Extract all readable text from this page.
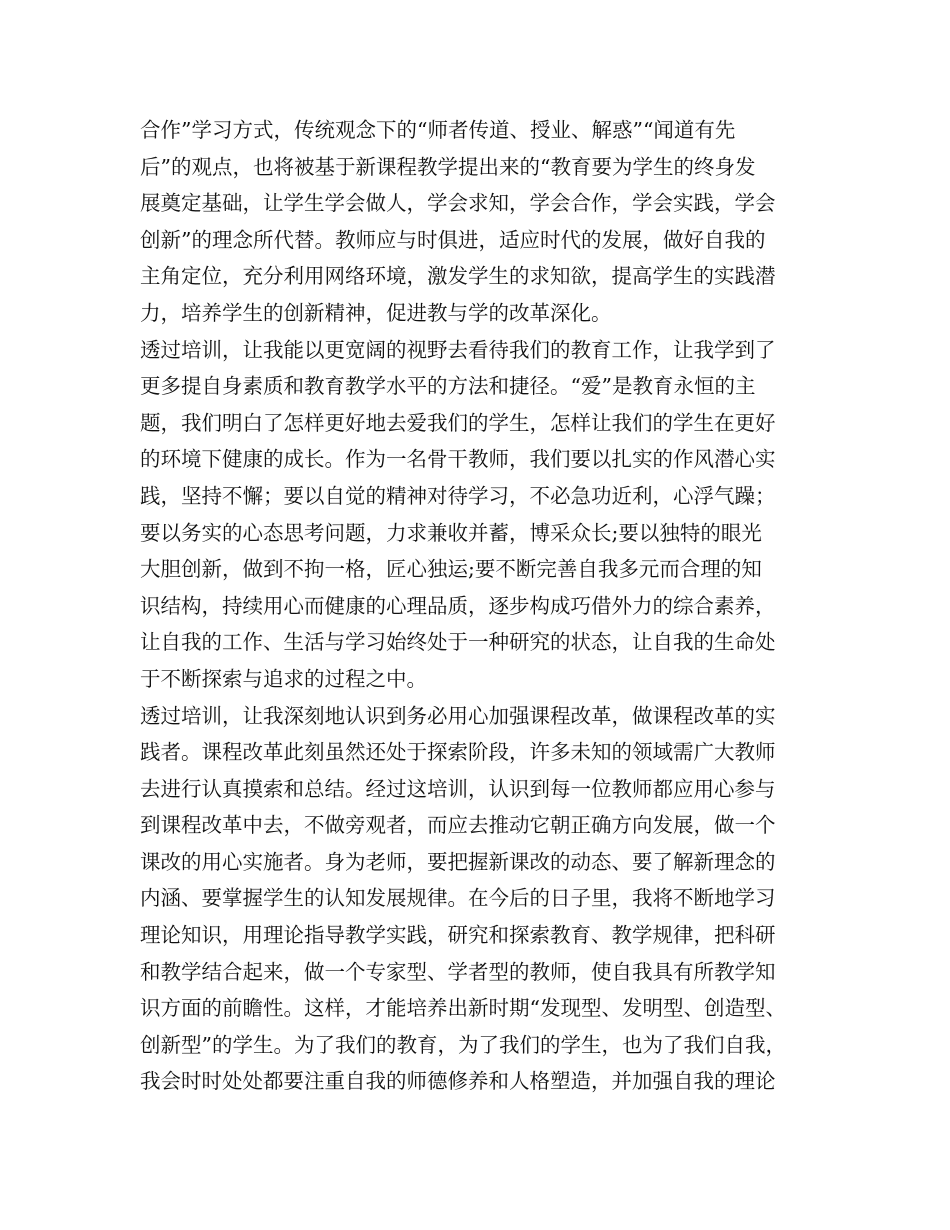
合作”学习方式，传统观念下的“师者传道、授业、解惑”“闻道有先
后”的观点，也将被基于新课程教学提出来的“教育要为学生的终身发
展奠定基础，让学生学会做人，学会求知，学会合作，学会实践，学会
创新”的理念所代替。教师应与时俱进，适应时代的发展，做好自我的
主角定位，充分利用网络环境，激发学生的求知欲，提高学生的实践潜
力，培养学生的创新精神，促进教与学的改革深化。
透过培训，让我能以更宽阔的视野去看待我们的教育工作，让我学到了
更多提自身素质和教育教学水平的方法和捷径。“爱”是教育永恒的主
题，我们明白了怎样更好地去爱我们的学生，怎样让我们的学生在更好
的环境下健康的成长。作为一名骨干教师，我们要以扎实的作风潜心实
践，坚持不懈；要以自觉的精神对待学习，不必急功近利，心浮气躁；
要以务实的心态思考问题，力求兼收并蓄，博采众长;要以独特的眼光
大胆创新，做到不拘一格，匠心独运;要不断完善自我多元而合理的知
识结构，持续用心而健康的心理品质，逐步构成巧借外力的综合素养，
让自我的工作、生活与学习始终处于一种研究的状态，让自我的生命处
于不断探索与追求的过程之中。
透过培训，让我深刻地认识到务必用心加强课程改革，做课程改革的实
践者。课程改革此刻虽然还处于探索阶段，许多未知的领域需广大教师
去进行认真摸索和总结。经过这培训，认识到每一位教师都应用心参与
到课程改革中去，不做旁观者，而应去推动它朝正确方向发展，做一个
课改的用心实施者。身为老师，要把握新课改的动态、要了解新理念的
内涵、要掌握学生的认知发展规律。在今后的日子里，我将不断地学习
理论知识，用理论指导教学实践，研究和探索教育、教学规律，把科研
和教学结合起来，做一个专家型、学者型的教师，使自我具有所教学知
识方面的前瞻性。这样，才能培养出新时期“发现型、发明型、创造型、
创新型”的学生。为了我们的教育，为了我们的学生，也为了我们自我，
我会时时处处都要注重自我的师德修养和人格塑造，并加强自我的理论
